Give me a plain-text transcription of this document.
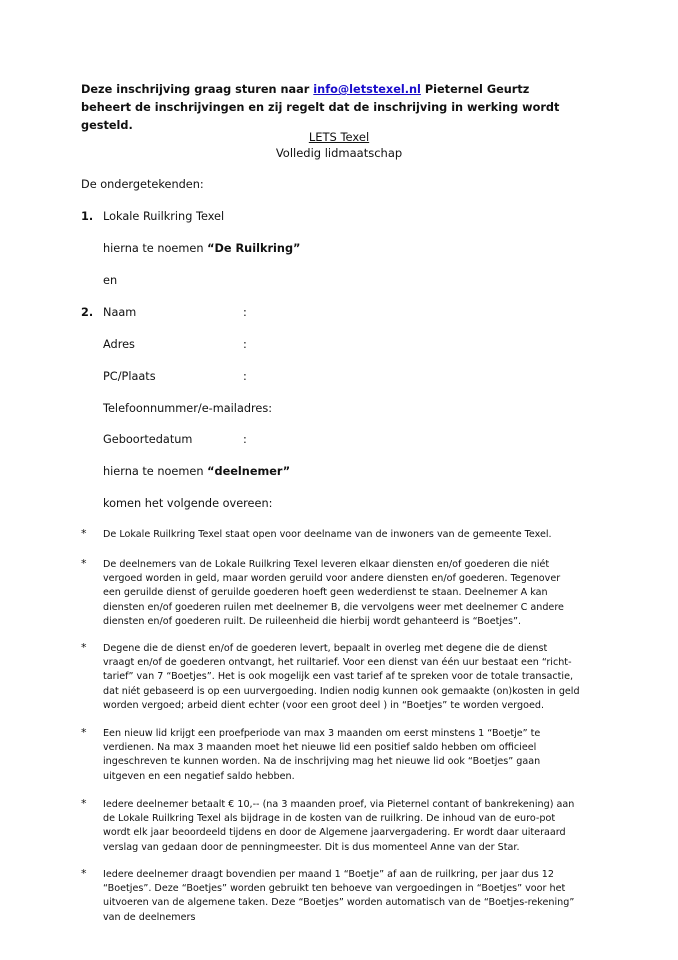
Deze inschrijving graag sturen naar info@letstexel.nl Pieternel Geurtz beheert de inschrijvingen en zij regelt dat de inschrijving in werking wordt gesteld.
LETS Texel
Volledig lidmaatschap
De ondergetekenden:
1. Lokale Ruilkring Texel
hierna te noemen “De Ruilkring”
en
2. Naam	:
Adres	:
PC/Plaats	:
Telefoonnummer/e-mailadres:
Geboortedatum	:
hierna te noemen “deelnemer”
komen het volgende overeen:
* De Lokale Ruilkring Texel staat open voor deelname van de inwoners van de gemeente Texel.
* De deelnemers van de Lokale Ruilkring Texel leveren elkaar diensten en/of goederen die niét vergoed worden in geld, maar worden geruild voor andere diensten en/of goederen. Tegenover een geruilde dienst of geruilde goederen hoeft geen wederdienst te staan. Deelnemer A kan diensten en/of goederen ruilen met deelnemer B, die vervolgens weer met deelnemer C andere diensten en/of goederen ruilt. De ruileenheid die hierbij wordt gehanteerd is “Boetjes”.
* Degene die de dienst en/of de goederen levert, bepaalt in overleg met degene die de dienst vraagt en/of de goederen ontvangt, het ruiltarief. Voor een dienst van één uur bestaat een “richt-tarief” van 7 “Boetjes”. Het is ook mogelijk een vast tarief af te spreken voor de totale transactie, dat niét gebaseerd is op een uurvergoeding. Indien nodig kunnen ook gemaakte (on)kosten in geld worden vergoed; arbeid dient echter (voor een groot deel ) in “Boetjes” te worden vergoed.
* Een nieuw lid krijgt een proefperiode van max 3 maanden om eerst minstens 1 “Boetje” te verdienen. Na max 3 maanden moet het nieuwe lid een positief saldo hebben om officieel ingeschreven te kunnen worden. Na de inschrijving mag het nieuwe lid ook “Boetjes” gaan uitgeven en een negatief saldo hebben.
* Iedere deelnemer betaalt € 10,-- (na 3 maanden proef, via Pieternel contant of bankrekening) aan de Lokale Ruilkring Texel als bijdrage in de kosten van de ruilkring. De inhoud van de euro-pot wordt elk jaar beoordeeld tijdens en door de Algemene jaarvergadering. Er wordt daar uiteraard verslag van gedaan door de penningmeester. Dit is dus momenteel Anne van der Star.
* Iedere deelnemer draagt bovendien per maand 1 “Boetje” af aan de ruilkring, per jaar dus 12 “Boetjes”. Deze “Boetjes” worden gebruikt ten behoeve van vergoedingen in “Boetjes” voor het uitvoeren van de algemene taken. Deze “Boetjes” worden automatisch van de “Boetjes-rekening” van de deelnemers
